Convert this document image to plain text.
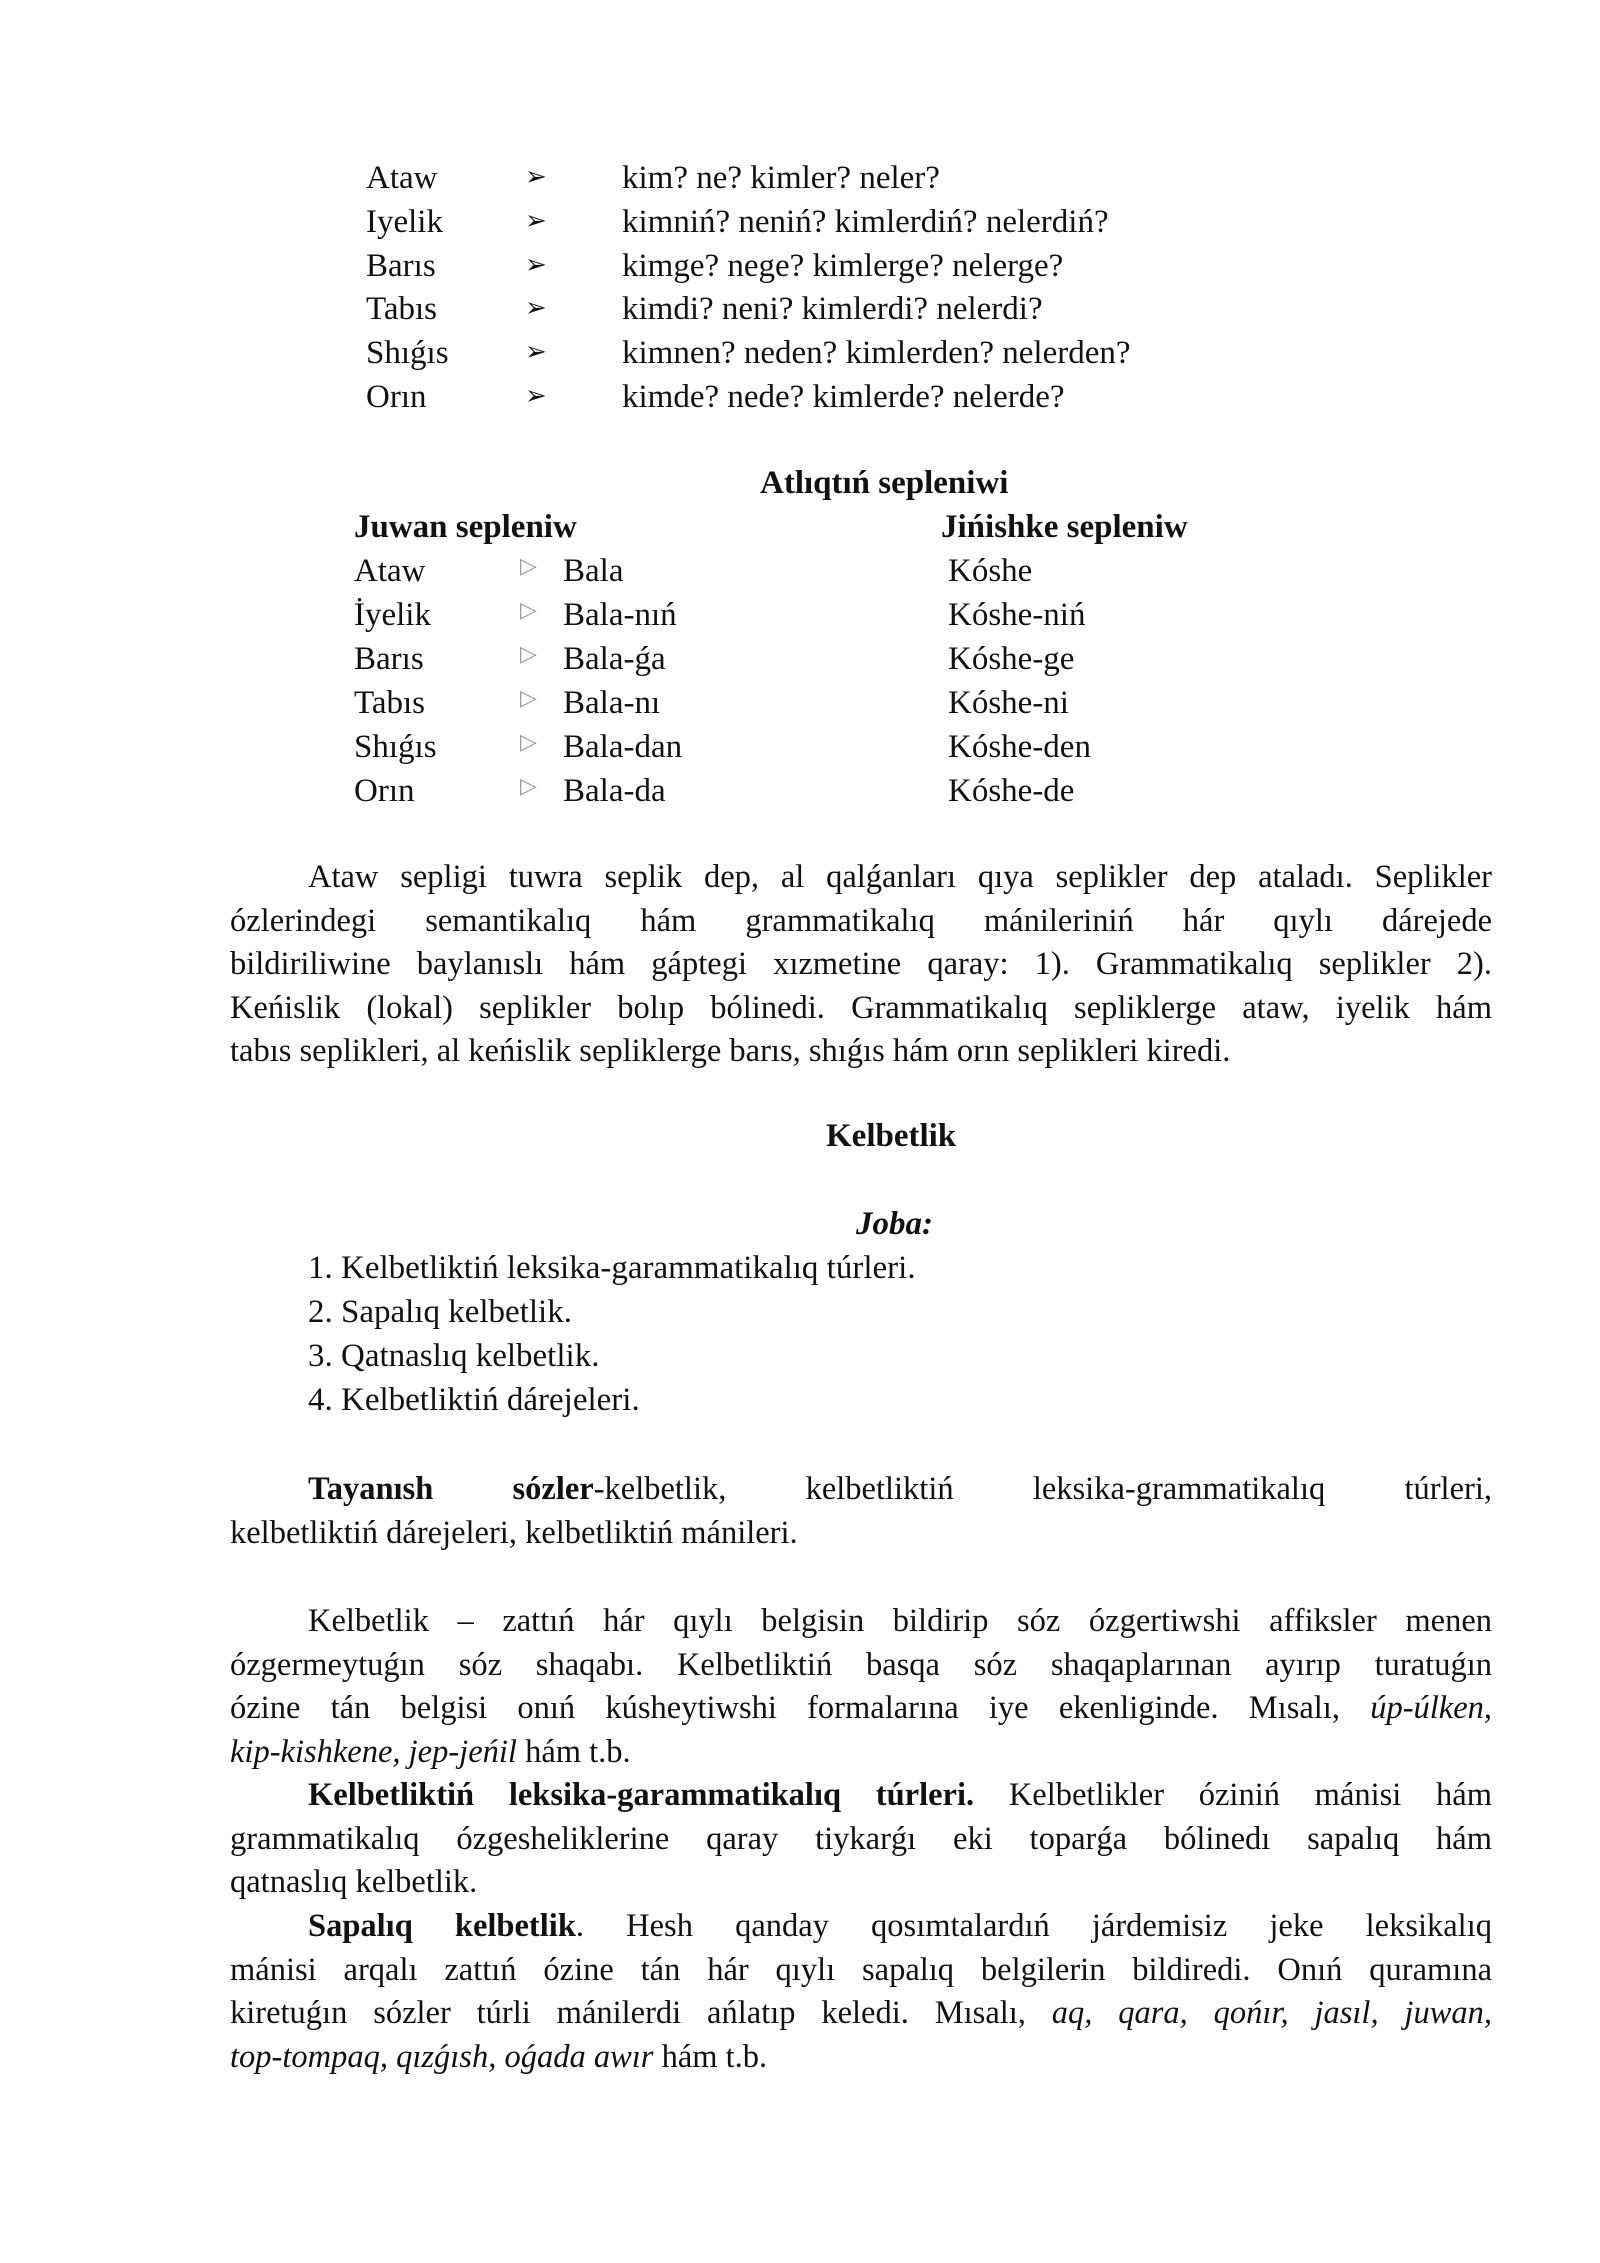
Ataw	➢ kim? ne? kimler? neler?
Iyelik	➢ kimniń? neniń? kimlerdiń? nelerdiń?
Barıs	➢ kimge? nege? kimlerge? nelerge?
Tabıs	➢ kimdi? neni? kimlerdi? nelerdi?
Shıǵıs	➢ kimnen? neden? kimlerden? nelerden?
Orın	➢ kimde? nede? kimlerde? nelerde?
Atlıqtıń sepleniwi
Juwan sepleniw	Jińishke sepleniw
Ataw	▷ Bala	Kóshe
İyelik	▷ Bala-nıń	Kóshe-niń
Barıs	▷ Bala-ǵa	Kóshe-ge
Tabıs	▷ Bala-nı	Kóshe-ni
Shıǵıs	▷ Bala-dan	Kóshe-den
Orın	▷ Bala-da	Kóshe-de
Ataw sepligi tuwra seplik dep, al qalǵanları qıya seplikler dep ataladı. Seplikler
ózlerindegi semantikalıq hám grammatikalıq mánileriniń hár qıylı dárejede
bildiriliwine baylanıslı hám gáptegi xızmetine qaray: 1). Grammatikalıq seplikler 2).
Keńislik (lokal) seplikler bolıp bólinedi. Grammatikalıq sepliklerge ataw, iyelik hám
tabıs seplikleri, al keńislik sepliklerge barıs, shıǵıs hám orın seplikleri kiredi.
Kelbetlik
Joba:
1. Kelbetliktiń leksika-garammatikalıq túrleri.
2. Sapalıq kelbetlik.
3. Qatnaslıq kelbetlik.
4. Kelbetliktiń dárejeleri.
Tayanısh sózler-kelbetlik, kelbetliktiń leksika-grammatikalıq túrleri,
kelbetliktiń dárejeleri, kelbetliktiń mánileri.
Kelbetlik – zattıń hár qıylı belgisin bildirip sóz ózgertiwshi affiksler menen
ózgermeytuǵın sóz shaqabı. Kelbetliktiń basqa sóz shaqaplarınan ayırıp turatuǵın
ózine tán belgisi onıń kúsheytiwshi formalarına iye ekenliginde. Mısalı, úp-úlken,
kip-kishkene, jep-jeńil hám t.b.
Kelbetliktiń leksika-garammatikalıq túrleri. Kelbetlikler óziniń mánisi hám
grammatikalıq ózgesheliklerine qaray tiykarǵı eki toparǵa bólinedı sapalıq hám
qatnaslıq kelbetlik.
Sapalıq kelbetlik. Hesh qanday qosımtalardıń járdemisiz jeke leksikalıq
mánisi arqalı zattıń ózine tán hár qıylı sapalıq belgilerin bildiredi. Onıń quramına
kiretuǵın sózler túrli mánilerdi ańlatıp keledi. Mısalı, aq, qara, qońır, jasıl, juwan,
top-tompaq, qızǵısh, oǵada awır hám t.b.
